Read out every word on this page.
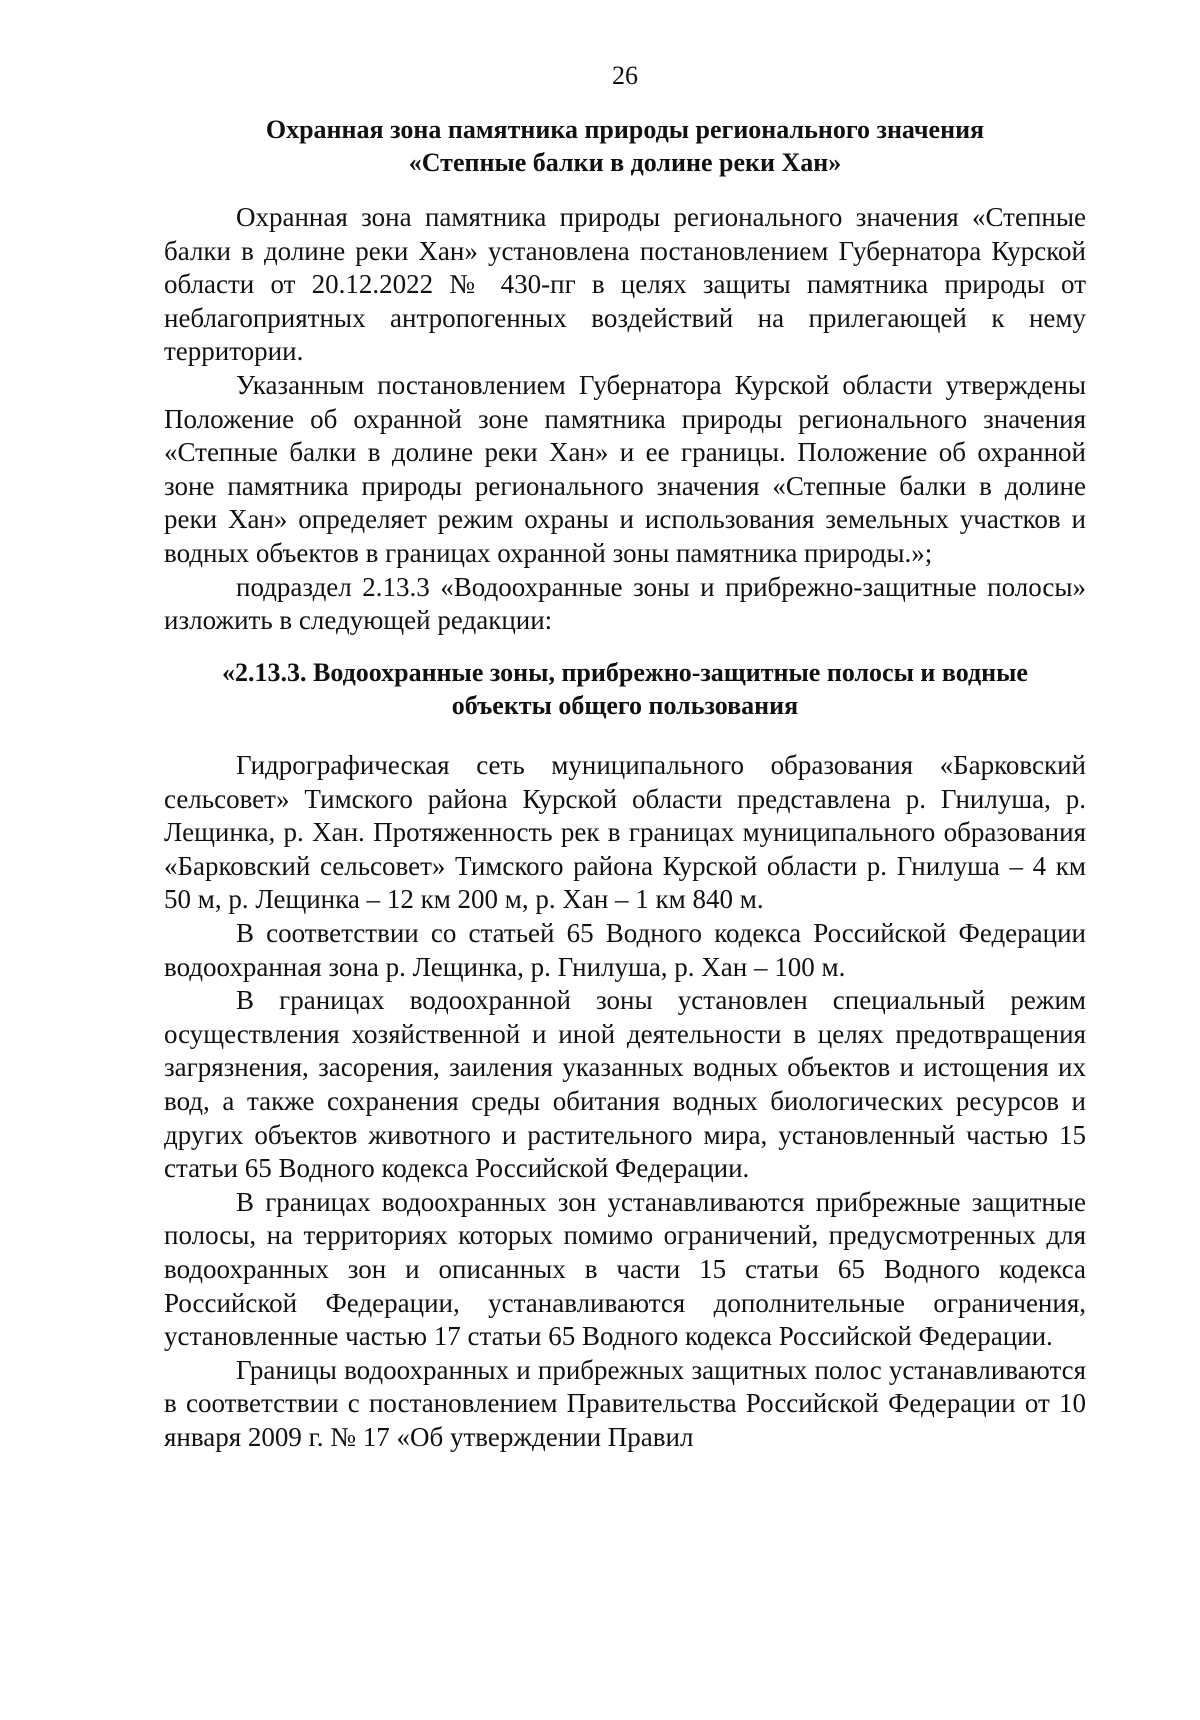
26
Охранная зона памятника природы регионального значения
«Степные балки в долине реки Хан»

Охранная зона памятника природы регионального значения «Степные балки в долине реки Хан» установлена постановлением Губернатора Курской области от 20.12.2022 № 430-пг в целях защиты памятника природы от неблагоприятных антропогенных воздействий на прилегающей к нему территории.

Указанным постановлением Губернатора Курской области утверждены Положение об охранной зоне памятника природы регионального значения «Степные балки в долине реки Хан» и ее границы. Положение об охранной зоне памятника природы регионального значения «Степные балки в долине реки Хан» определяет режим охраны и использования земельных участков и водных объектов в границах охранной зоны памятника природы.»;

подраздел 2.13.3 «Водоохранные зоны и прибрежно-защитные полосы» изложить в следующей редакции:

«2.13.3. Водоохранные зоны, прибрежно-защитные полосы и водные
объекты общего пользования

Гидрографическая сеть муниципального образования «Барковский сельсовет» Тимского района Курской области представлена р. Гнилуша, р. Лещинка, р. Хан. Протяженность рек в границах муниципального образования «Барковский сельсовет» Тимского района Курской области р. Гнилуша – 4 км 50 м, р. Лещинка – 12 км 200 м, р. Хан – 1 км 840 м.

В соответствии со статьей 65 Водного кодекса Российской Федерации водоохранная зона р. Лещинка, р. Гнилуша, р. Хан – 100 м.

В границах водоохранной зоны установлен специальный режим осуществления хозяйственной и иной деятельности в целях предотвращения загрязнения, засорения, заиления указанных водных объектов и истощения их вод, а также сохранения среды обитания водных биологических ресурсов и других объектов животного и растительного мира, установленный частью 15 статьи 65 Водного кодекса Российской Федерации.

В границах водоохранных зон устанавливаются прибрежные защитные полосы, на территориях которых помимо ограничений, предусмотренных для водоохранных зон и описанных в части 15 статьи 65 Водного кодекса Российской Федерации, устанавливаются дополнительные ограничения, установленные частью 17 статьи 65 Водного кодекса Российской Федерации.

Границы водоохранных и прибрежных защитных полос устанавливаются в соответствии с постановлением Правительства Российской Федерации от 10 января 2009 г. № 17 «Об утверждении Правил
